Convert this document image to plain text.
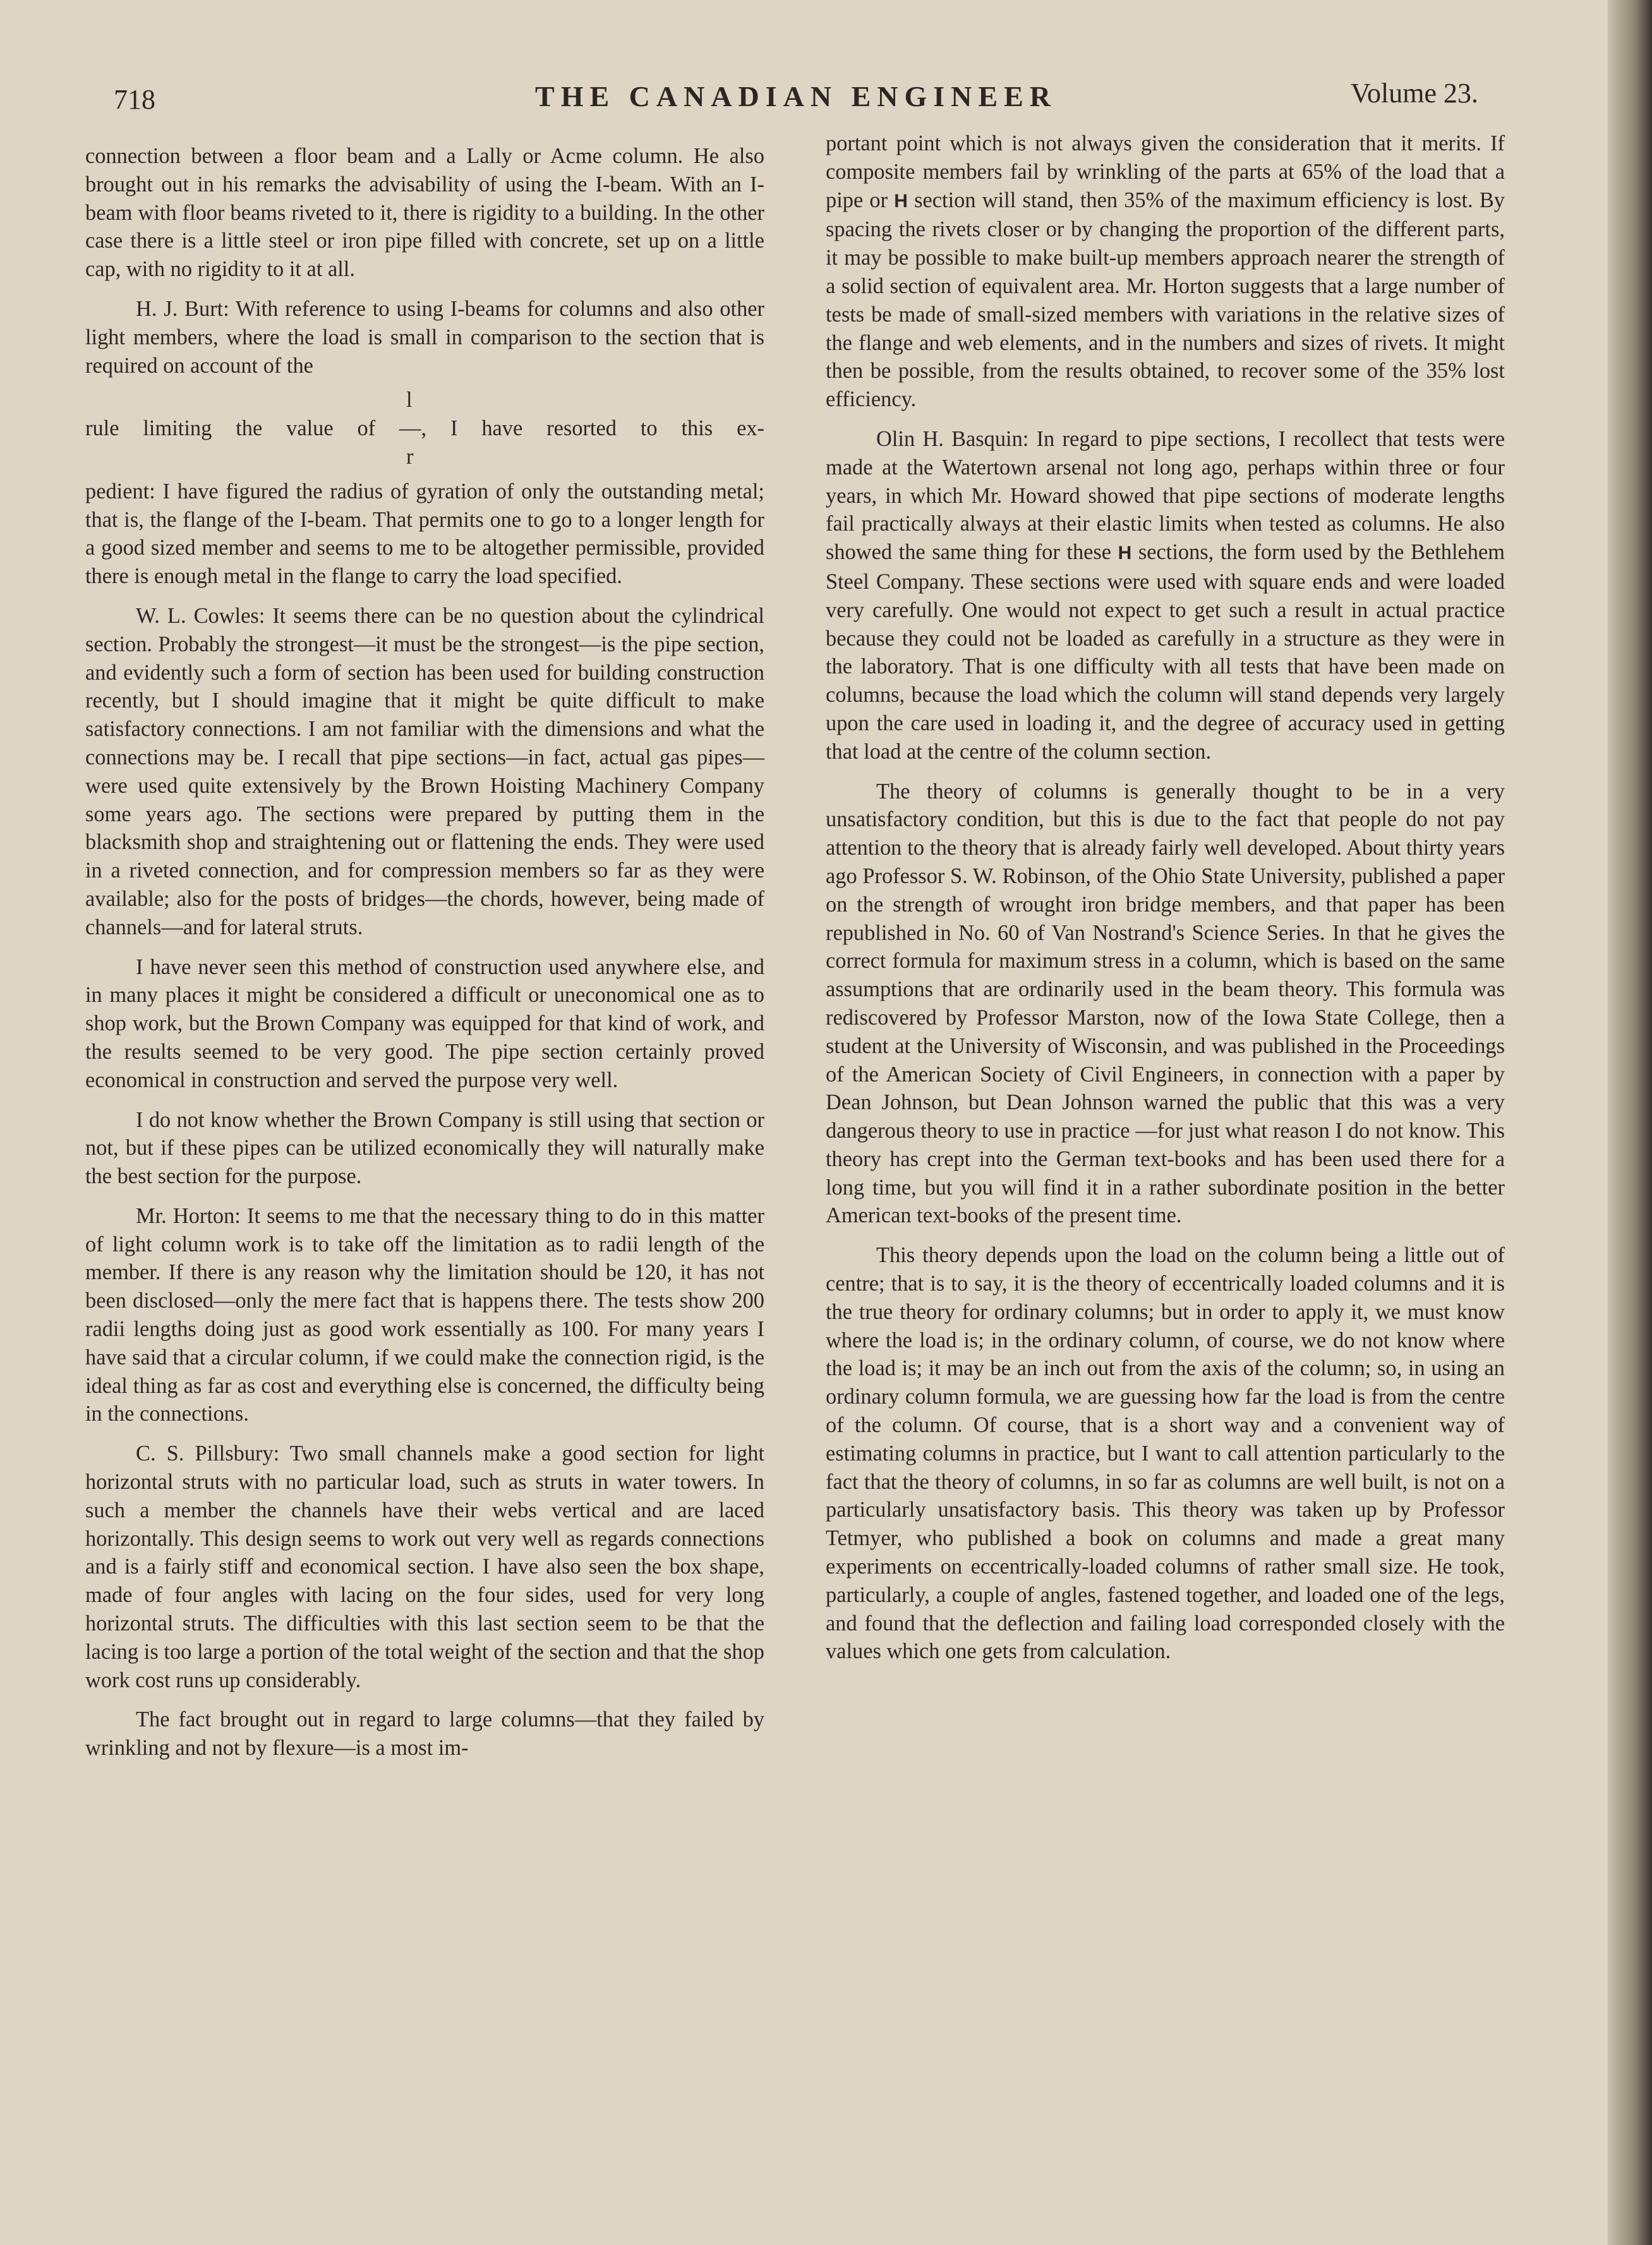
718	THE CANADIAN ENGINEER	Volume 23.

connection between a floor beam and a Lally or Acme column. He also brought out in his remarks the advisability of using the I-beam. With an I-beam with floor beams riveted to it, there is rigidity to a building. In the other case there is a little steel or iron pipe filled with concrete, set up on a little cap, with no rigidity to it at all.

H. J. Burt: With reference to using I-beams for columns and also other light members, where the load is small in comparison to the section that is required on account of the

l
rule limiting the value of —, I have resorted to this ex-
r

pedient: I have figured the radius of gyration of only the outstanding metal; that is, the flange of the I-beam. That permits one to go to a longer length for a good sized member and seems to me to be altogether permissible, provided there is enough metal in the flange to carry the load specified.

W. L. Cowles: It seems there can be no question about the cylindrical section. Probably the strongest—it must be the strongest—is the pipe section, and evidently such a form of section has been used for building construction recently, but I should imagine that it might be quite difficult to make satisfactory connections. I am not familiar with the dimensions and what the connections may be. I recall that pipe sections—in fact, actual gas pipes—were used quite extensively by the Brown Hoisting Machinery Company some years ago. The sections were prepared by putting them in the blacksmith shop and straightening out or flattening the ends. They were used in a riveted connection, and for compression members so far as they were available; also for the posts of bridges—the chords, however, being made of channels—and for lateral struts.

I have never seen this method of construction used anywhere else, and in many places it might be considered a difficult or uneconomical one as to shop work, but the Brown Company was equipped for that kind of work, and the results seemed to be very good. The pipe section certainly proved economical in construction and served the purpose very well.

I do not know whether the Brown Company is still using that section or not, but if these pipes can be utilized economically they will naturally make the best section for the purpose.

Mr. Horton: It seems to me that the necessary thing to do in this matter of light column work is to take off the limitation as to radii length of the member. If there is any reason why the limitation should be 120, it has not been disclosed—only the mere fact that is happens there. The tests show 200 radii lengths doing just as good work essentially as 100. For many years I have said that a circular column, if we could make the connection rigid, is the ideal thing as far as cost and everything else is concerned, the difficulty being in the connections.

C. S. Pillsbury: Two small channels make a good section for light horizontal struts with no particular load, such as struts in water towers. In such a member the channels have their webs vertical and are laced horizontally. This design seems to work out very well as regards connections and is a fairly stiff and economical section. I have also seen the box shape, made of four angles with lacing on the four sides, used for very long horizontal struts. The difficulties with this last section seem to be that the lacing is too large a portion of the total weight of the section and that the shop work cost runs up considerably.

The fact brought out in regard to large columns—that they failed by wrinkling and not by flexure—is a most im-

portant point which is not always given the consideration that it merits. If composite members fail by wrinkling of the parts at 65% of the load that a pipe or H section will stand, then 35% of the maximum efficiency is lost. By spacing the rivets closer or by changing the proportion of the different parts, it may be possible to make built-up members approach nearer the strength of a solid section of equivalent area. Mr. Horton suggests that a large number of tests be made of small-sized members with variations in the relative sizes of the flange and web elements, and in the numbers and sizes of rivets. It might then be possible, from the results obtained, to recover some of the 35% lost efficiency.

Olin H. Basquin: In regard to pipe sections, I recollect that tests were made at the Watertown arsenal not long ago, perhaps within three or four years, in which Mr. Howard showed that pipe sections of moderate lengths fail practically always at their elastic limits when tested as columns. He also showed the same thing for these H sections, the form used by the Bethlehem Steel Company. These sections were used with square ends and were loaded very carefully. One would not expect to get such a result in actual practice because they could not be loaded as carefully in a structure as they were in the laboratory. That is one difficulty with all tests that have been made on columns, because the load which the column will stand depends very largely upon the care used in loading it, and the degree of accuracy used in getting that load at the centre of the column section.

The theory of columns is generally thought to be in a very unsatisfactory condition, but this is due to the fact that people do not pay attention to the theory that is already fairly well developed. About thirty years ago Professor S. W. Robinson, of the Ohio State University, published a paper on the strength of wrought iron bridge members, and that paper has been republished in No. 60 of Van Nostrand's Science Series. In that he gives the correct formula for maximum stress in a column, which is based on the same assumptions that are ordinarily used in the beam theory. This formula was rediscovered by Professor Marston, now of the Iowa State College, then a student at the University of Wisconsin, and was published in the Proceedings of the American Society of Civil Engineers, in connection with a paper by Dean Johnson, but Dean Johnson warned the public that this was a very dangerous theory to use in practice —for just what reason I do not know. This theory has crept into the German text-books and has been used there for a long time, but you will find it in a rather subordinate position in the better American text-books of the present time.

This theory depends upon the load on the column being a little out of centre; that is to say, it is the theory of eccentrically loaded columns and it is the true theory for ordinary columns; but in order to apply it, we must know where the load is; in the ordinary column, of course, we do not know where the load is; it may be an inch out from the axis of the column; so, in using an ordinary column formula, we are guessing how far the load is from the centre of the column. Of course, that is a short way and a convenient way of estimating columns in practice, but I want to call attention particularly to the fact that the theory of columns, in so far as columns are well built, is not on a particularly unsatisfactory basis. This theory was taken up by Professor Tetmyer, who published a book on columns and made a great many experiments on eccentrically-loaded columns of rather small size. He took, particularly, a couple of angles, fastened together, and loaded one of the legs, and found that the deflection and failing load corresponded closely with the values which one gets from calculation.
